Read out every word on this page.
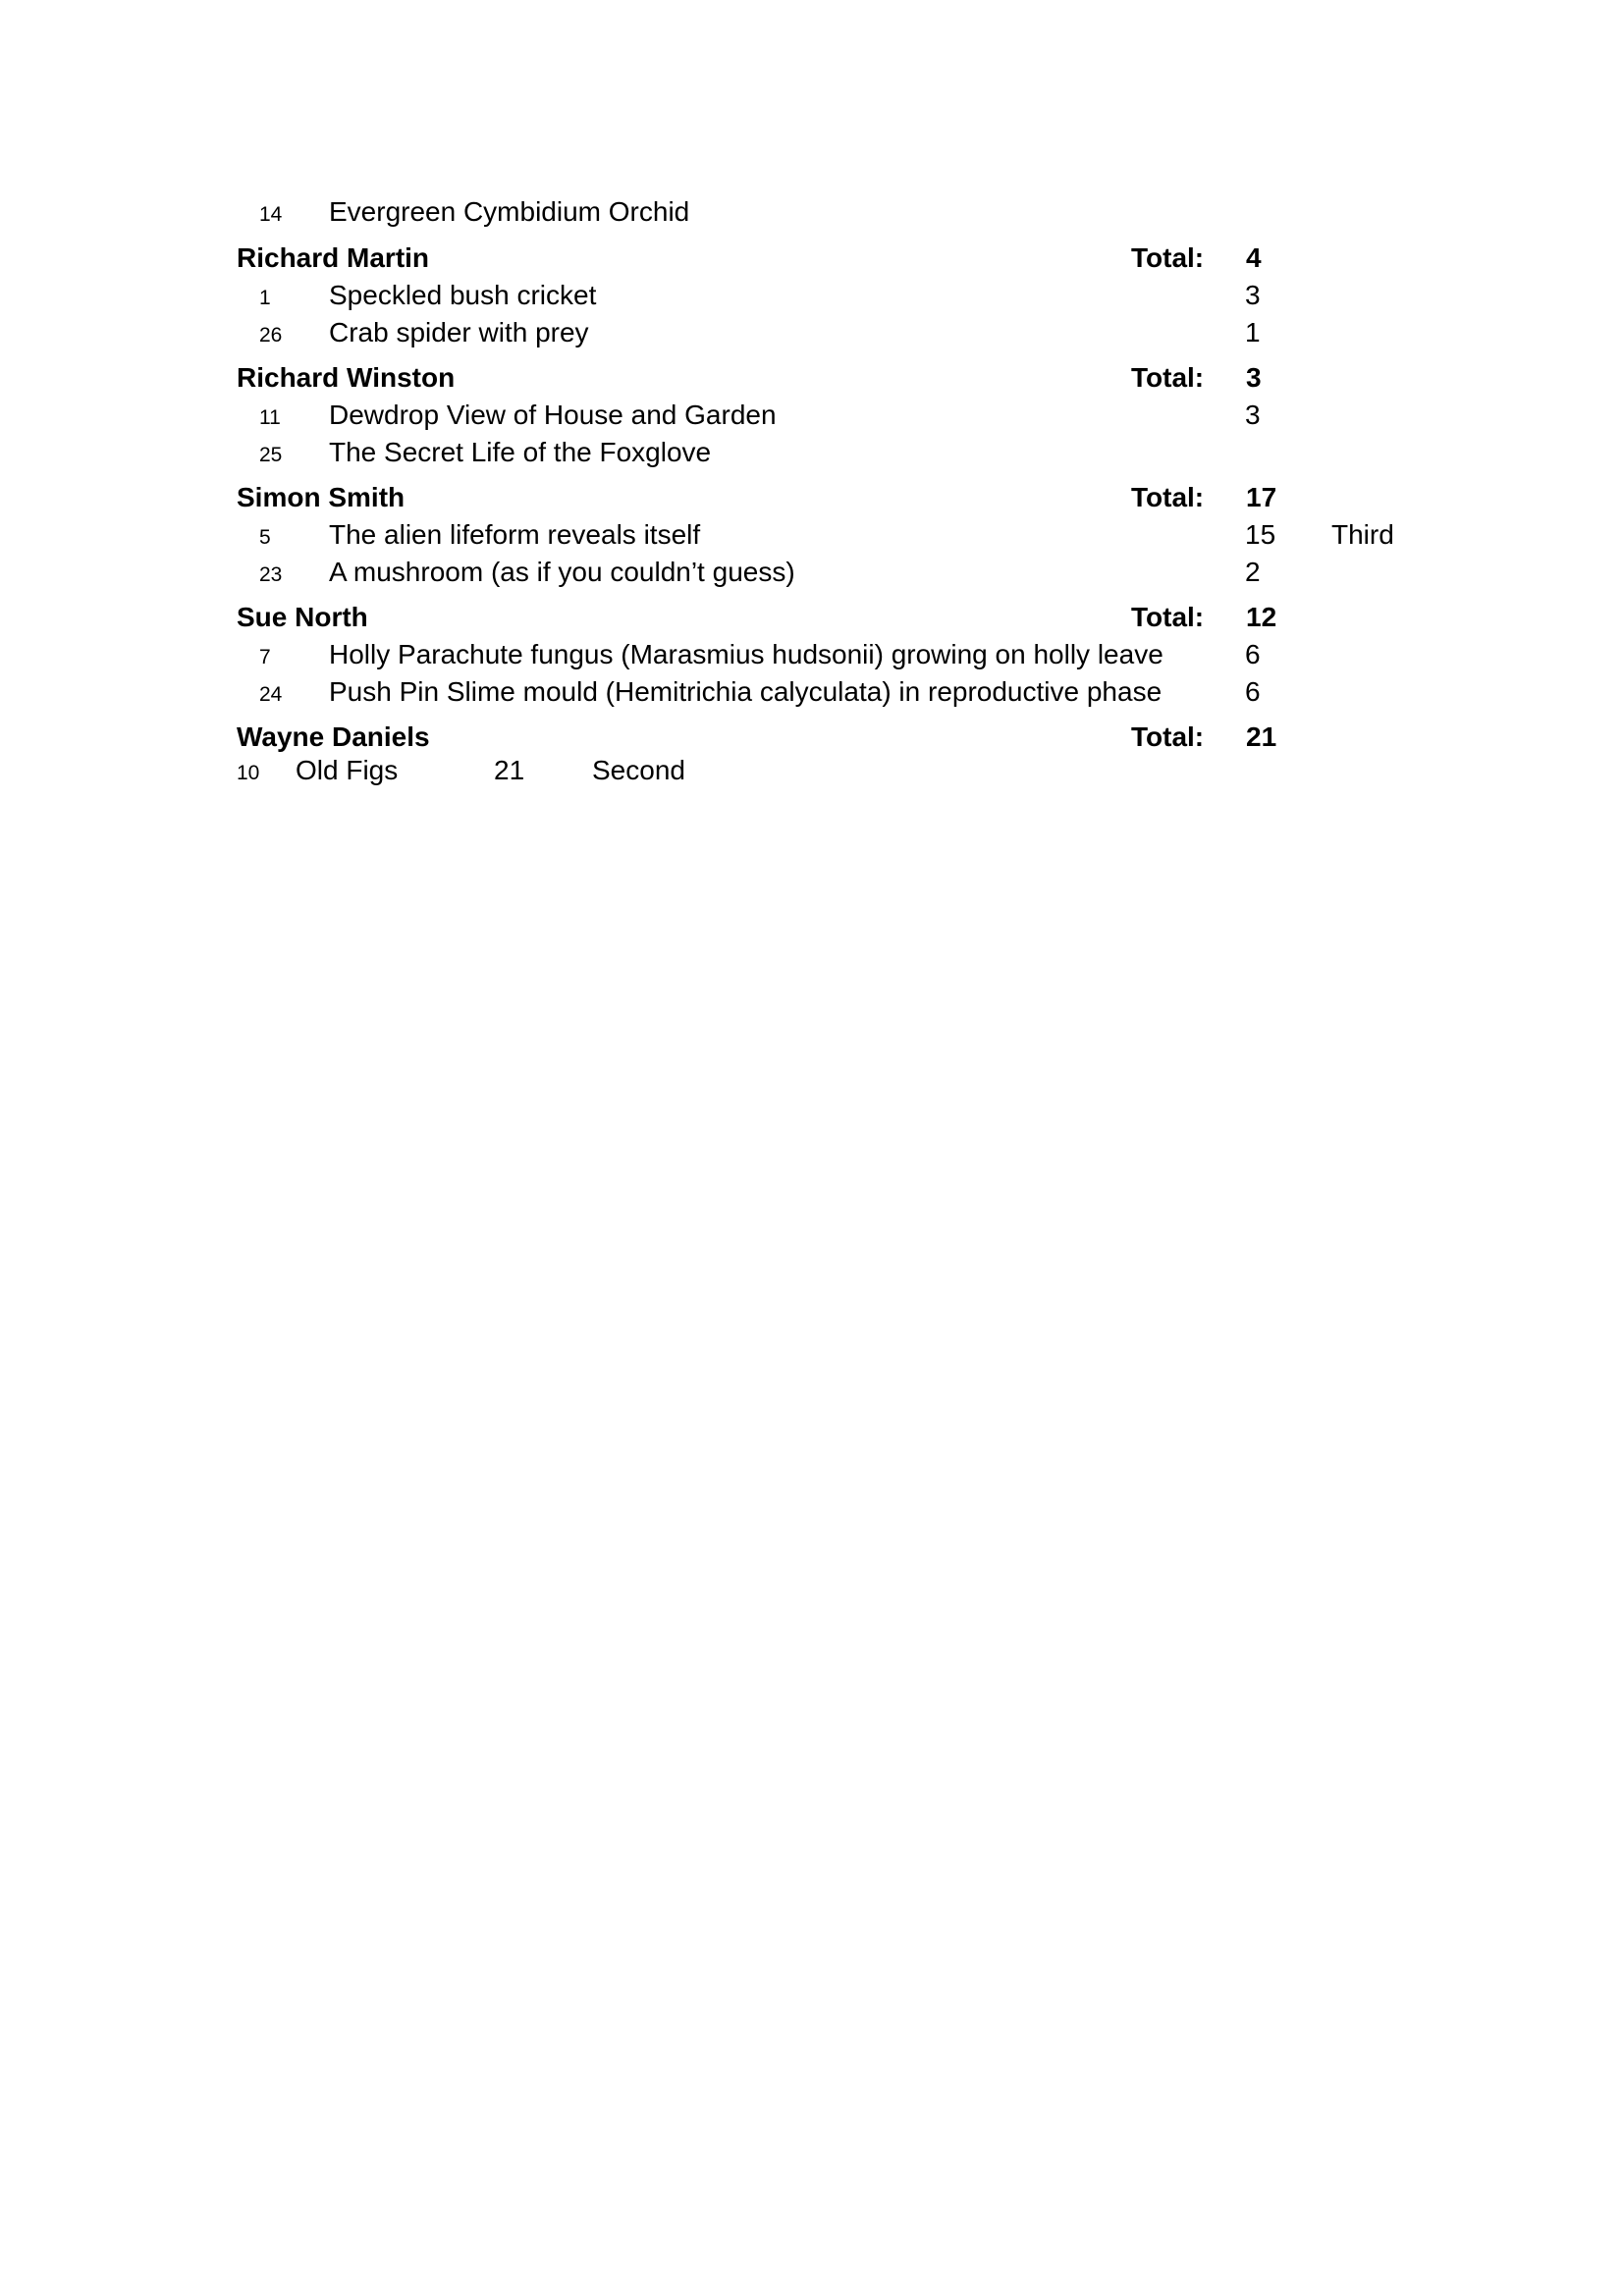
14 Evergreen Cymbidium Orchid
Richard Martin	Total: 4
1 Speckled bush cricket	3
26 Crab spider with prey	1
Richard Winston	Total: 3
11 Dewdrop View of House and Garden	3
25 The Secret Life of the Foxglove
Simon Smith	Total: 17
5 The alien lifeform reveals itself	15 Third
23 A mushroom (as if you couldn’t guess)	2
Sue North	Total: 12
7 Holly Parachute fungus (Marasmius hudsonii) growing on holly leave	6
24 Push Pin Slime mould (Hemitrichia calyculata) in reproductive phase	6
Wayne Daniels	Total: 21
10 Old Figs	21 Second
